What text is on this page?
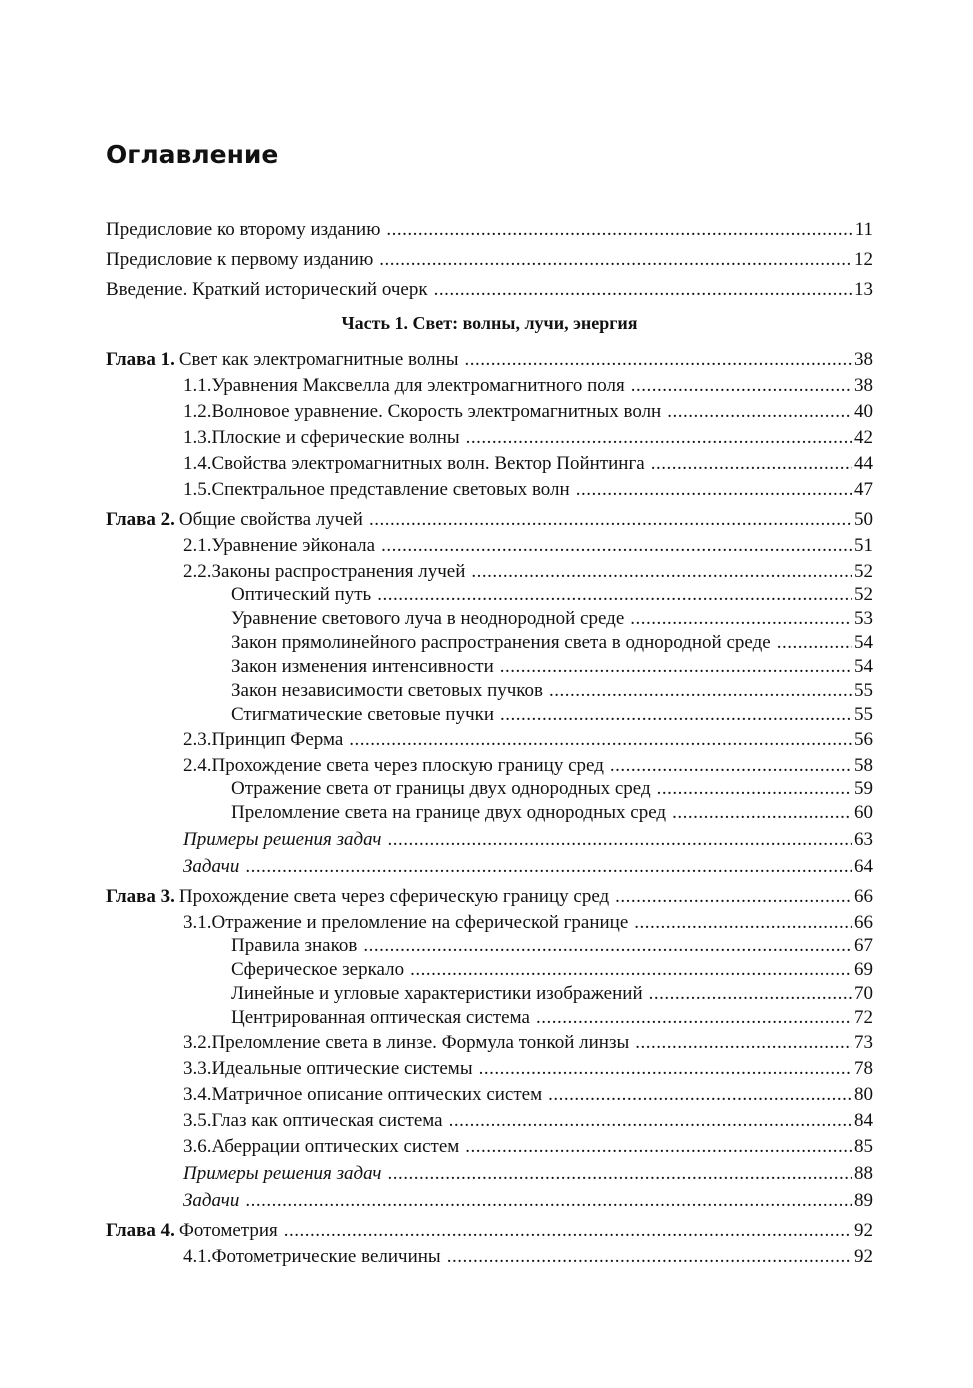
Оглавление
Предисловие ко второму изданию .....	11
Предисловие к первому изданию .....	12
Введение. Краткий исторический очерк .....	13
Часть 1. Свет: волны, лучи, энергия
Глава 1. Свет как электромагнитные волны .....	38
1.1. Уравнения Максвелла для электромагнитного поля .....	38
1.2. Волновое уравнение. Скорость электромагнитных волн .....	40
1.3. Плоские и сферические волны .....	42
1.4. Свойства электромагнитных волн. Вектор Пойнтинга .....	44
1.5. Спектральное представление световых волн .....	47
Глава 2. Общие свойства лучей .....	50
2.1. Уравнение эйконала .....	51
2.2. Законы распространения лучей .....	52
Оптический путь .....	52
Уравнение светового луча в неоднородной среде .....	53
Закон прямолинейного распространения света в однородной среде .....	54
Закон изменения интенсивности .....	54
Закон независимости световых пучков .....	55
Стигматические световые пучки .....	55
2.3. Принцип Ферма .....	56
2.4. Прохождение света через плоскую границу сред .....	58
Отражение света от границы двух однородных сред .....	59
Преломление света на границе двух однородных сред .....	60
Примеры решения задач .....	63
Задачи .....	64
Глава 3. Прохождение света через сферическую границу сред .....	66
3.1. Отражение и преломление на сферической границе .....	66
Правила знаков .....	67
Сферическое зеркало .....	69
Линейные и угловые характеристики изображений .....	70
Центрированная оптическая система .....	72
3.2. Преломление света в линзе. Формула тонкой линзы .....	73
3.3. Идеальные оптические системы .....	78
3.4. Матричное описание оптических систем .....	80
3.5. Глаз как оптическая система .....	84
3.6. Аберрации оптических систем .....	85
Примеры решения задач .....	88
Задачи .....	89
Глава 4. Фотометрия .....	92
4.1. Фотометрические величины .....	92
